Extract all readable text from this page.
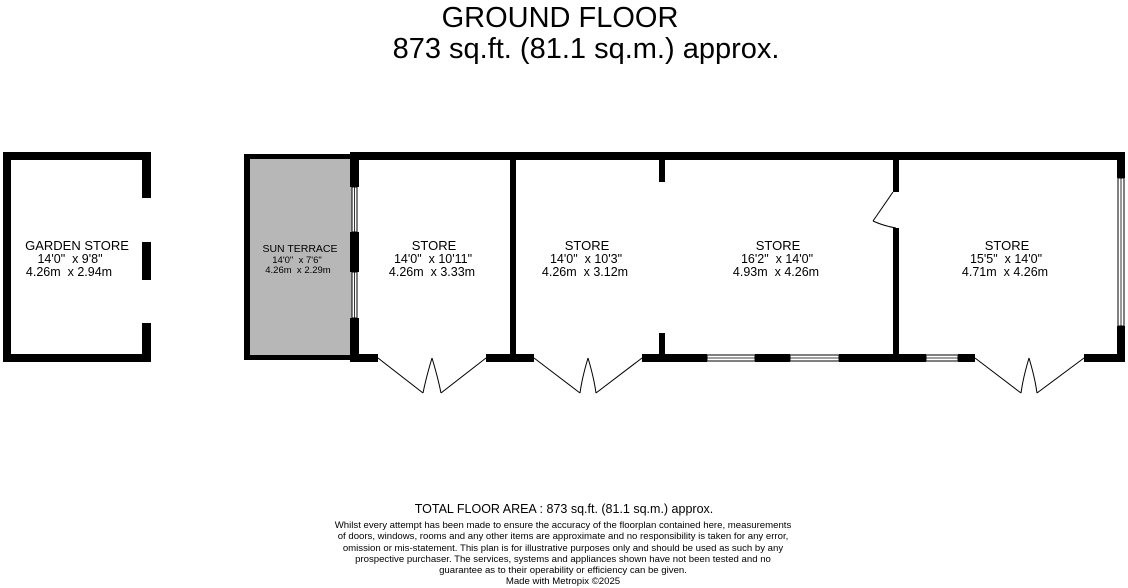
GROUND FLOOR
873 sq.ft. (81.1 sq.m.) approx.
GARDEN STORE
14'0"  x 9'8"
4.26m  x 2.94m
SUN TERRACE
14'0"  x 7'6"
4.26m  x 2.29m
STORE
14'0"  x 10'11"
4.26m  x 3.33m
STORE
14'0"  x 10'3"
4.26m  x 3.12m
STORE
16'2"  x 14'0"
4.93m  x 4.26m
STORE
15'5"  x 14'0"
4.71m  x 4.26m
TOTAL FLOOR AREA : 873 sq.ft. (81.1 sq.m.) approx.
Whilst every attempt has been made to ensure the accuracy of the floorplan contained here, measurements of doors, windows, rooms and any other items are approximate and no responsibility is taken for any error, omission or mis-statement. This plan is for illustrative purposes only and should be used as such by any prospective purchaser. The services, systems and appliances shown have not been tested and no guarantee as to their operability or efficiency can be given.
Made with Metropix ©2025
